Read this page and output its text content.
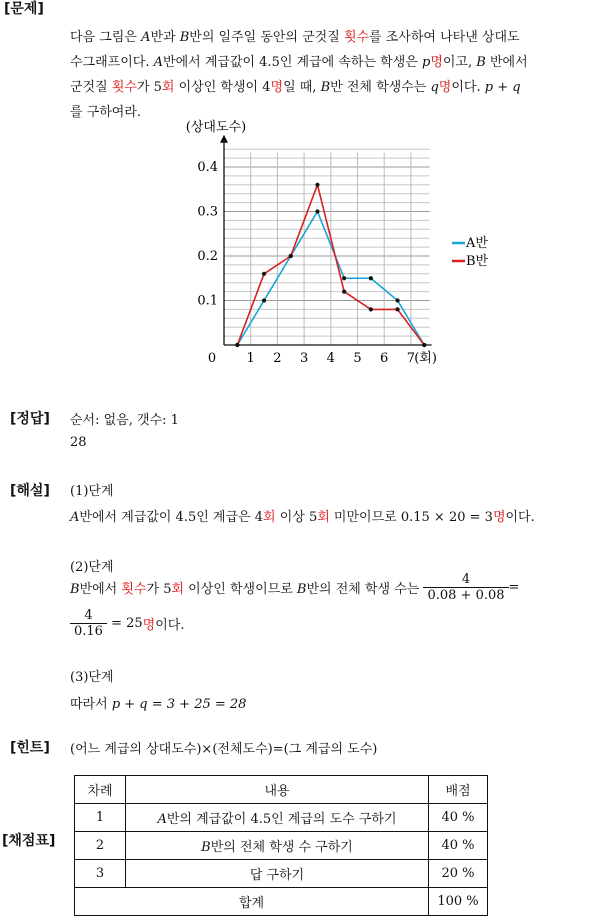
[문제]
[정답]
[해설]
[힌트]
[채점표]
다음 그림은 A반과 B반의 일주일 동안의 군것질 횟수를 조사하여 나타낸 상대도
수그래프이다. A반에서 계급값이 4.5인 계급에 속하는 학생은 p명이고, B 반에서
군것질 횟수가 5회 이상인 학생이 4명일 때, B반 전체 학생수는 q명이다. p + q
를 구하여라.
1 2 3 4 5 6 7
0.1
0.2
0.3
0.4
0	(회)
(상대도수)
A반
B반
순서: 없음, 갯수: 1
28
(1)단계
A반에서 계급값이 4.5인 계급은 4회 이상 5회 미만이므로 0.15 × 20 = 3명이다.
(2)단계
B반에서 횟수가 5회 이상인 학생이므로 B반의 전체 학생 수는 $\frac{4}{0.08 + 0.08}$ =
$\frac{4}{0.16} = 25$명이다.
(3)단계
따라서 p + q = 3 + 25 = 28
(어느 계급의 상대도수)×(전체도수)=(그 계급의 도수)
차례	내용	배점
1	A반의 계급값이 4.5인 계급의 도수 구하기	40 %
2	B반의 전체 학생 수 구하기	40 %
3	답 구하기	20 %
합계		100 %
